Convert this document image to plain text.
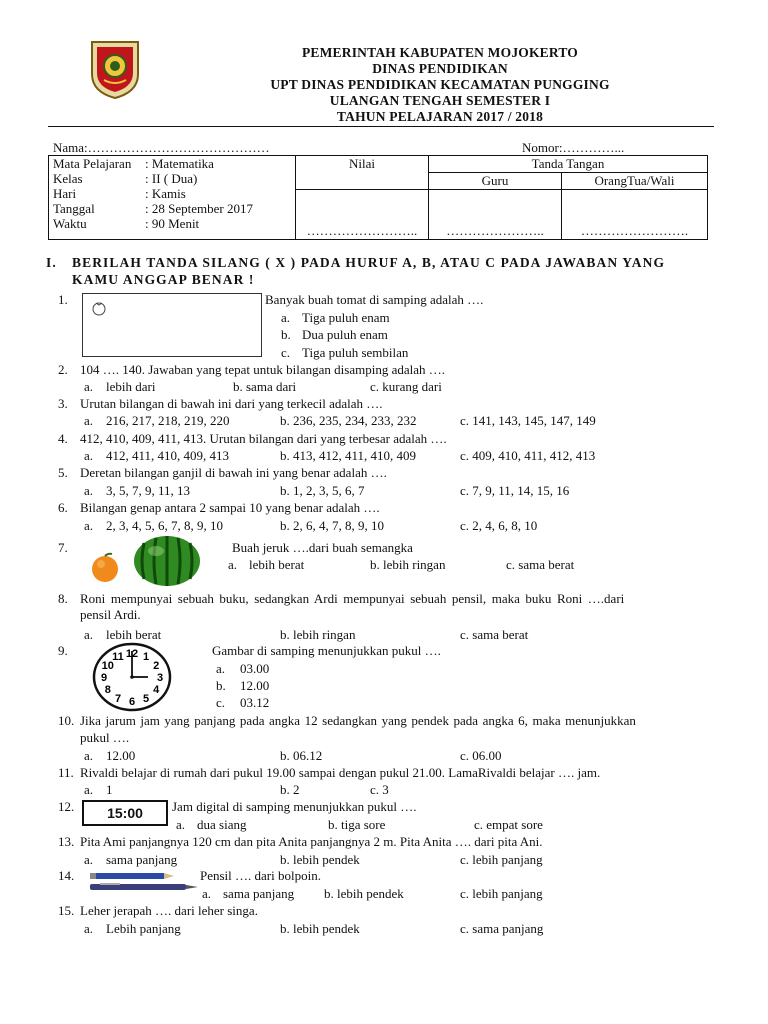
PEMERINTAH KABUPATEN MOJOKERTO
DINAS PENDIDIKAN
UPT DINAS PENDIDIKAN KECAMATAN PUNGGING
ULANGAN TENGAH SEMESTER I
TAHUN PELAJARAN 2017 / 2018
Nama:……………………………………	Nomor:…………...
Mata Pelajaran : Matematika
Kelas : II ( Dua)
Hari : Kamis
Tanggal : 28 September 2017
Waktu : 90 Menit	Nilai	Tanda Tangan	
		Guru	OrangTua/Wali
	……………………..	…………………..	…………………….
I. BERILAH TANDA SILANG ( X ) PADA HURUF A, B, ATAU C PADA JAWABAN YANG
KAMU ANGGAP BENAR !
1.	Banyak buah tomat di samping adalah ….
a. Tiga puluh enam
b. Dua puluh enam
c. Tiga puluh sembilan
2. 104 …. 140. Jawaban yang tepat untuk bilangan disamping adalah ….
a. lebih dari	b. sama dari	c. kurang dari
3. Urutan bilangan di bawah ini dari yang terkecil adalah ….
a. 216, 217, 218, 219, 220	b. 236, 235, 234, 233, 232	c. 141, 143, 145, 147, 149
4. 412, 410, 409, 411, 413. Urutan bilangan dari yang terbesar adalah ….
a. 412, 411, 410, 409, 413	b. 413, 412, 411, 410, 409	c. 409, 410, 411, 412, 413
5. Deretan bilangan ganjil di bawah ini yang benar adalah ….
a. 3, 5, 7, 9, 11, 13	b. 1, 2, 3, 5, 6, 7	c. 7, 9, 11, 14, 15, 16
6. Bilangan genap antara 2 sampai 10 yang benar adalah ….
a. 2, 3, 4, 5, 6, 7, 8, 9, 10	b. 2, 6, 4, 7, 8, 9, 10	c. 2, 4, 6, 8, 10
7.	Buah jeruk ….dari buah semangka
a. lebih berat	b. lebih ringan	c. sama berat
8. Roni mempunyai sebuah buku, sedangkan Ardi mempunyai sebuah pensil, maka buku Roni ….dari
pensil Ardi.
a. lebih berat	b. lebih ringan	c. sama berat
9.	12 1
2
3
4
5
6
7
8
9
10
11	Gambar di samping menunjukkan pukul ….
a. 03.00
b. 12.00
c. 03.12
10. Jika jarum jam yang panjang pada angka 12 sedangkan yang pendek pada angka 6, maka menunjukkan
pukul ….
a. 12.00	b. 06.12	c. 06.00
11. Rivaldi belajar di rumah dari pukul 19.00 sampai dengan pukul 21.00. LamaRivaldi belajar …. jam.
a. 1	b. 2	c. 3
12.	15:00	Jam digital di samping menunjukkan pukul ….
a. dua siang	b. tiga sore	c. empat sore
13. Pita Ami panjangnya 120 cm dan pita Anita panjangnya 2 m. Pita Anita …. dari pita Ani.
a. sama panjang	b. lebih pendek	c. lebih panjang
14.	Pensil …. dari bolpoin.
a. sama panjang b. lebih pendek	c. lebih panjang
15. Leher jerapah …. dari leher singa.
a. Lebih panjang	b. lebih pendek	c. sama panjang
